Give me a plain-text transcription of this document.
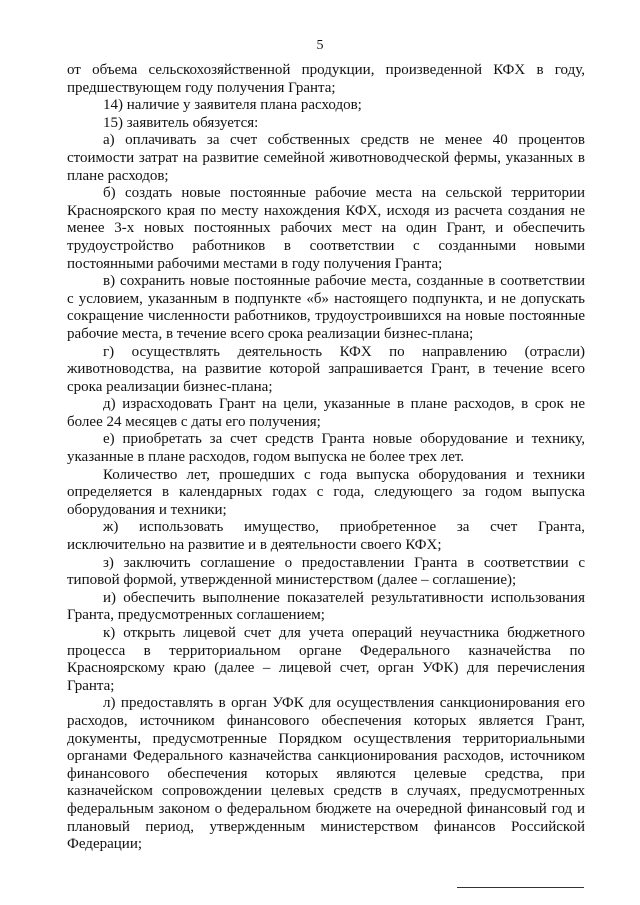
5

от объема сельскохозяйственной продукции, произведенной КФХ в году, предшествующем году получения Гранта;

14) наличие у заявителя плана расходов;

15) заявитель обязуется:

а) оплачивать за счет собственных средств не менее 40 процентов стоимости затрат на развитие семейной животноводческой фермы, указанных в плане расходов;

б) создать новые постоянные рабочие места на сельской территории Красноярского края по месту нахождения КФХ, исходя из расчета создания не менее 3-х новых постоянных рабочих мест на один Грант, и обеспечить трудоустройство работников в соответствии с созданными новыми постоянными рабочими местами в году получения Гранта;

в) сохранить новые постоянные рабочие места, созданные в соответствии с условием, указанным в подпункте «б» настоящего подпункта, и не допускать сокращение численности работников, трудоустроившихся на новые постоянные рабочие места, в течение всего срока реализации бизнес-плана;

г) осуществлять деятельность КФХ по направлению (отрасли) животноводства, на развитие которой запрашивается Грант, в течение всего срока реализации бизнес-плана;

д) израсходовать Грант на цели, указанные в плане расходов, в срок не более 24 месяцев с даты его получения;

е) приобретать за счет средств Гранта новые оборудование и технику, указанные в плане расходов, годом выпуска не более трех лет.

Количество лет, прошедших с года выпуска оборудования и техники определяется в календарных годах с года, следующего за годом выпуска оборудования и техники;

ж) использовать имущество, приобретенное за счет Гранта, исключительно на развитие и в деятельности своего КФХ;

з) заключить соглашение о предоставлении Гранта в соответствии с типовой формой, утвержденной министерством (далее – соглашение);

и) обеспечить выполнение показателей результативности использования Гранта, предусмотренных соглашением;

к) открыть лицевой счет для учета операций неучастника бюджетного процесса в территориальном органе Федерального казначейства по Красноярскому краю (далее – лицевой счет, орган УФК) для перечисления Гранта;

л) предоставлять в орган УФК для осуществления санкционирования его расходов, источником финансового обеспечения которых является Грант, документы, предусмотренные Порядком осуществления территориальными органами Федерального казначейства санкционирования расходов, источником финансового обеспечения которых являются целевые средства, при казначейском сопровождении целевых средств в случаях, предусмотренных федеральным законом о федеральном бюджете на очередной финансовый год и плановый период, утвержденным министерством финансов Российской Федерации;
